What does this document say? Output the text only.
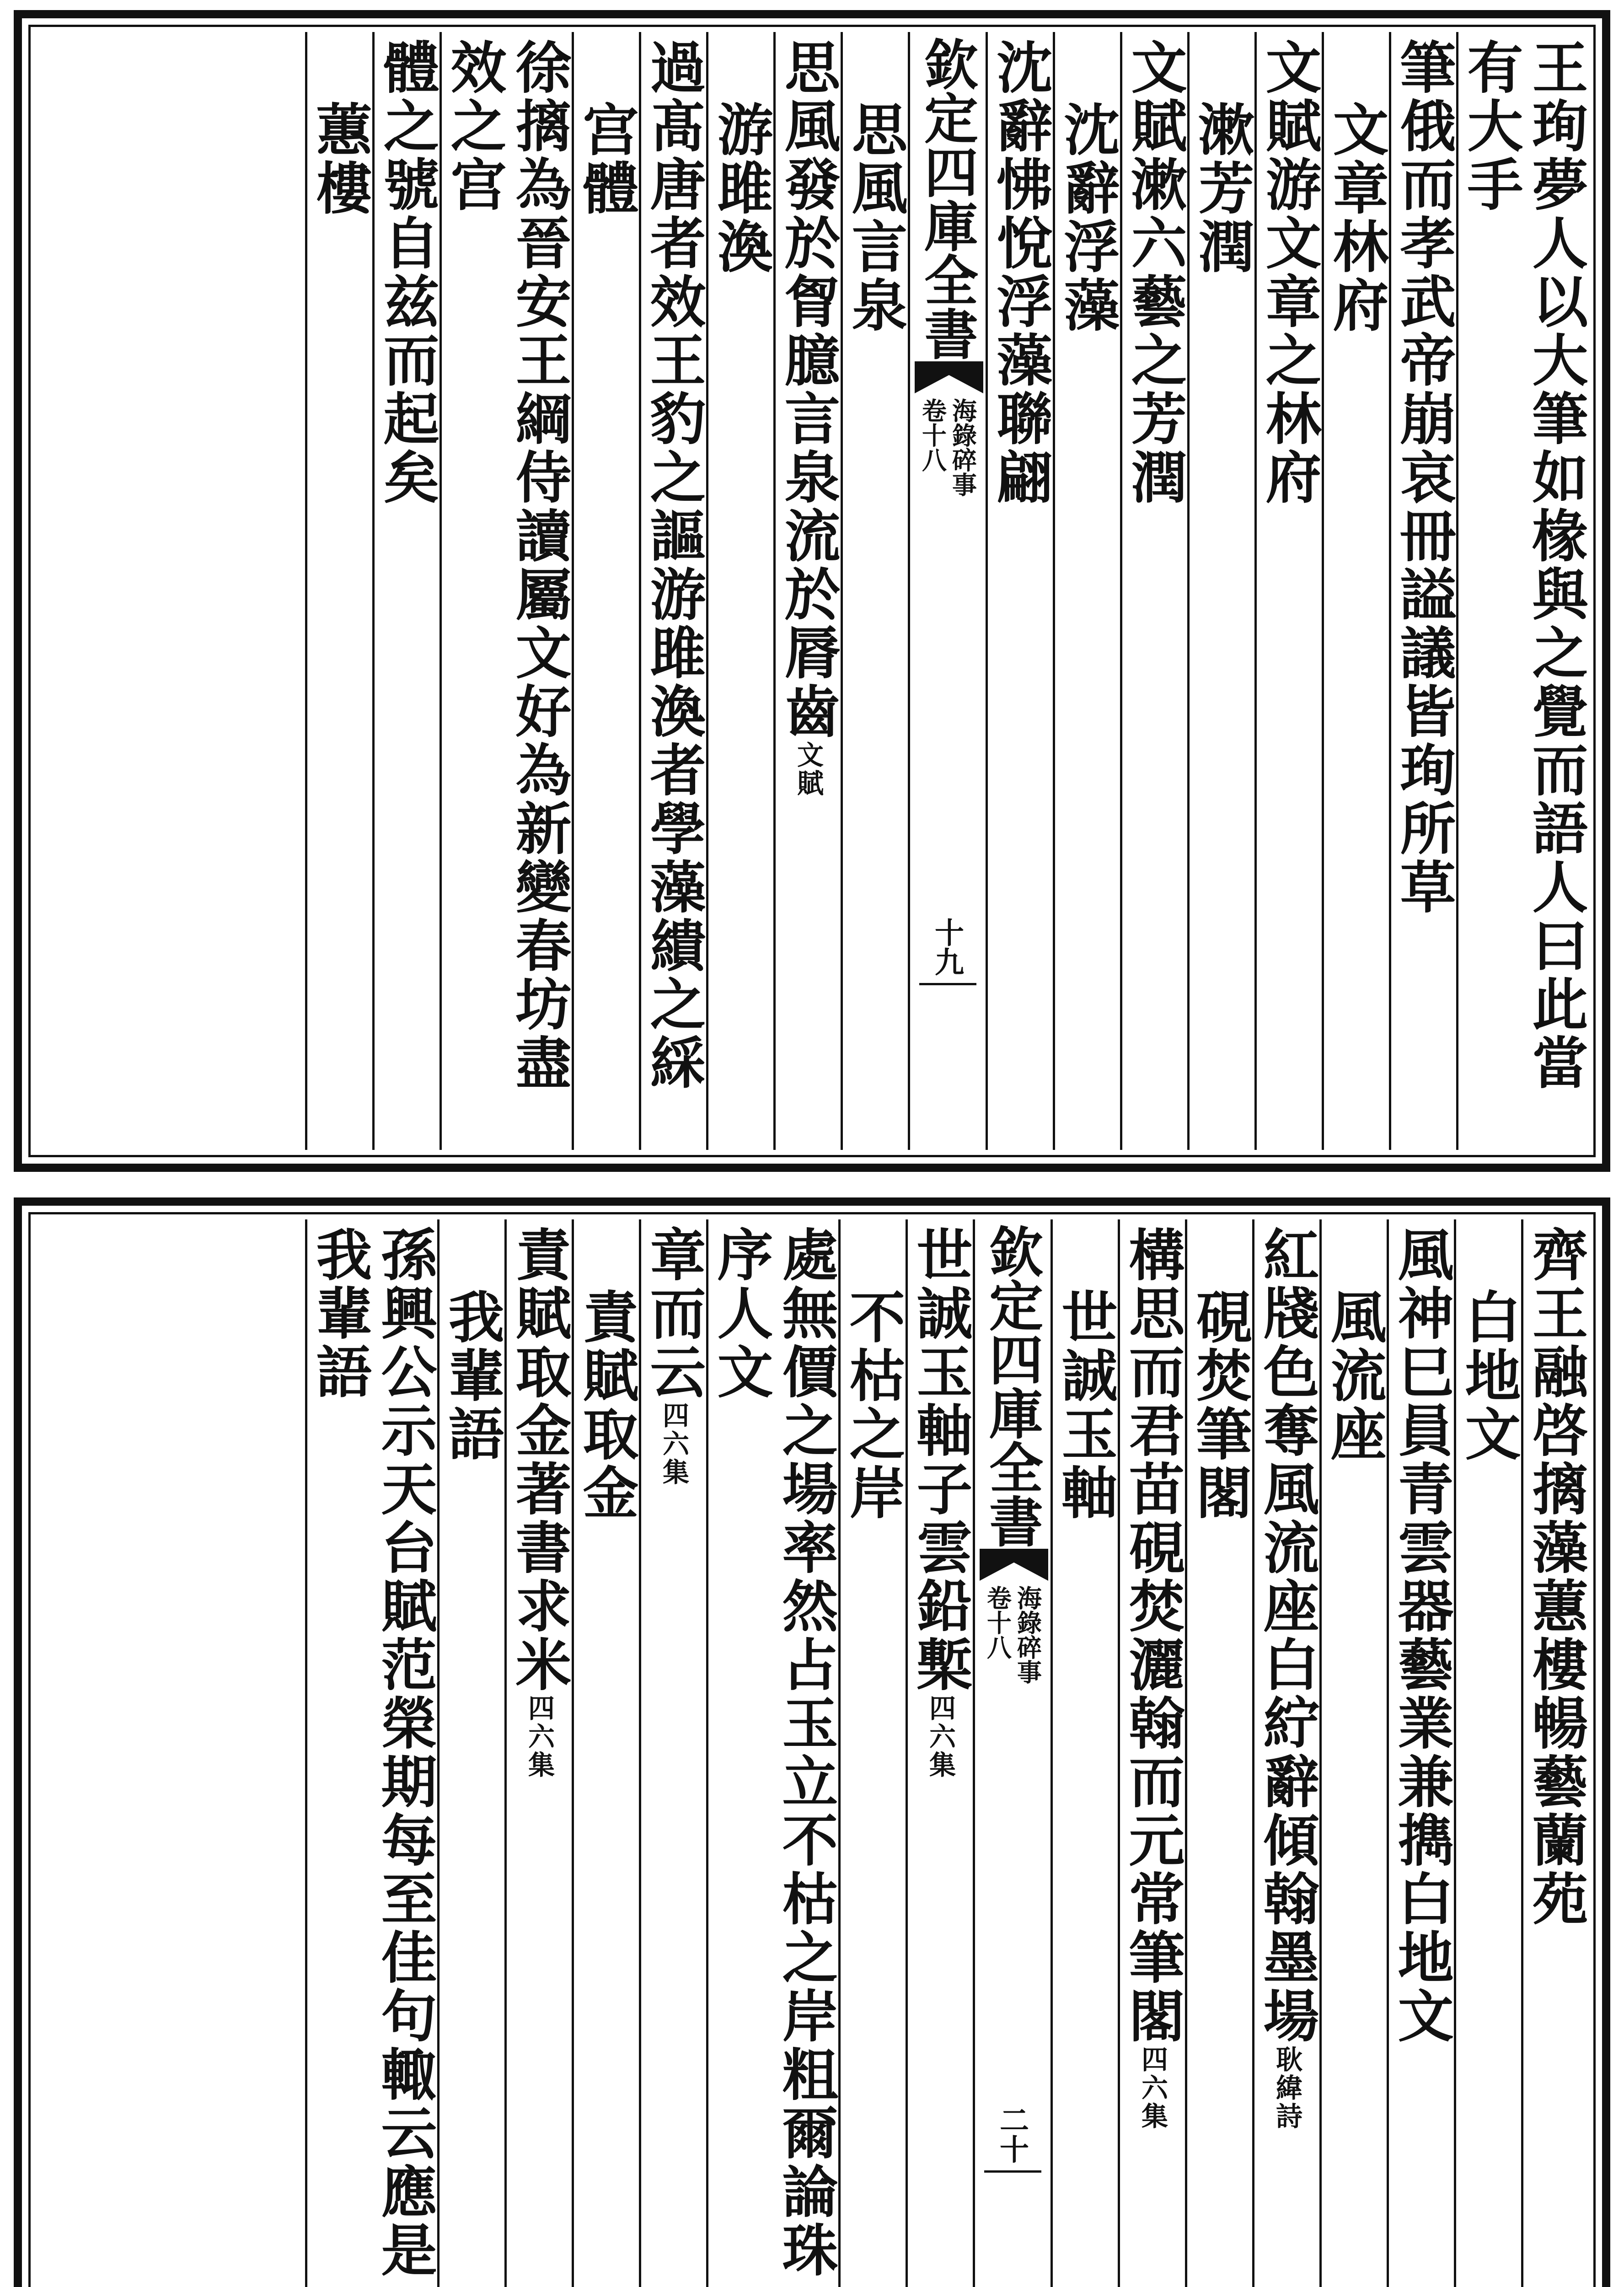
王珣夢人以大筆如椽與之覺而語人曰此當有大手
筆俄而孝武帝崩哀冊謚議皆珣所草
文章林府
文賦游文章之林府
漱芳潤
文賦漱六藝之芳潤
沈辭浮藻
沈辭怫悅浮藻聯翩
欽定四庫全書
海錄碎事
卷十八
十九
思風言泉
思風發於胷臆言泉流於脣齒文賦
游雎渙
過髙唐者效王豹之謳游雎渙者學藻繢之綵
宫體
徐摛為晉安王綱侍讀屬文好為新變春坊盡效之宫
體之號自兹而起矣
蕙樓
齊王融啓摛藻蕙樓暢藝蘭苑
白地文
風神巳員青雲器藝業兼擕白地文
風流座
紅牋色奪風流座白紵辭傾翰墨場耿緯詩
硯焚筆閣
構思而君苗硯焚灑翰而元常筆閣四六集
世誠玉軸
欽定四庫全書
海錄碎事
卷十八
二十
世誠玉軸子雲鉛槧四六集
不枯之岸
處無價之場率然占玉立不枯之岸粗爾論珠序人文
章而云四六集
責賦取金
責賦取金著書求米四六集
我輩語
孫興公示天台賦范榮期每至佳句輙云應是我輩語
